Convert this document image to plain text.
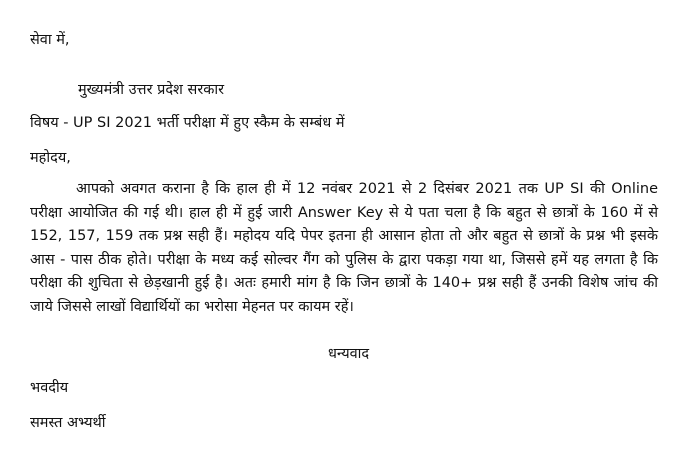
सेवा में,
मुख्यमंत्री उत्तर प्रदेश सरकार
विषय - UP SI 2021 भर्ती परीक्षा में हुए स्कैम के सम्बंध में
महोदय,
आपको अवगत कराना है कि हाल ही में 12 नवंबर 2021 से 2 दिसंबर 2021 तक UP SI की Online परीक्षा आयोजित की गई थी। हाल ही में हुई जारी Answer Key से ये पता चला है कि बहुत से छात्रों के 160 में से 152, 157, 159 तक प्रश्न सही हैं। महोदय यदि पेपर इतना ही आसान होता तो और बहुत से छात्रों के प्रश्न भी इसके आस - पास ठीक होते। परीक्षा के मध्य कई सोल्वर गैंग को पुलिस के द्वारा पकड़ा गया था, जिससे हमें यह लगता है कि परीक्षा की शुचिता से छेड़खानी हुई है। अतः हमारी मांग है कि जिन छात्रों के 140+ प्रश्न सही हैं उनकी विशेष जांच की जाये जिससे लाखों विद्यार्थियों का भरोसा मेहनत पर कायम रहें।
धन्यवाद
भवदीय
समस्त अभ्यर्थी
